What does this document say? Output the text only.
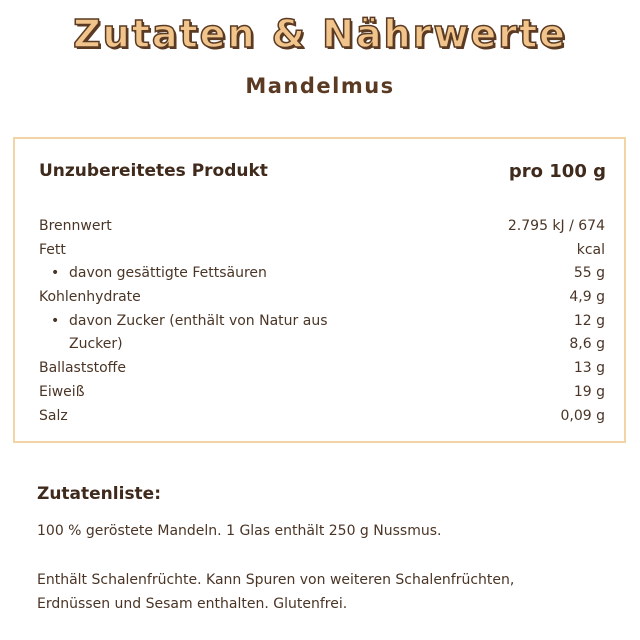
Zutaten & Nährwerte
Mandelmus
Unzubereitetes Produkt	pro 100 g
Brennwert	2.795 kJ / 674
Fett	kcal
• davon gesättigte Fettsäuren	55 g
Kohlenhydrate	4,9 g
• davon Zucker (enthält von Natur aus	12 g
Zucker)	8,6 g
Ballaststoffe	13 g
Eiweiß	19 g
Salz	0,09 g
Zutatenliste:
100 % geröstete Mandeln. 1 Glas enthält 250 g Nussmus.
Enthält Schalenfrüchte. Kann Spuren von weiteren Schalenfrüchten,
Erdnüssen und Sesam enthalten. Glutenfrei.
